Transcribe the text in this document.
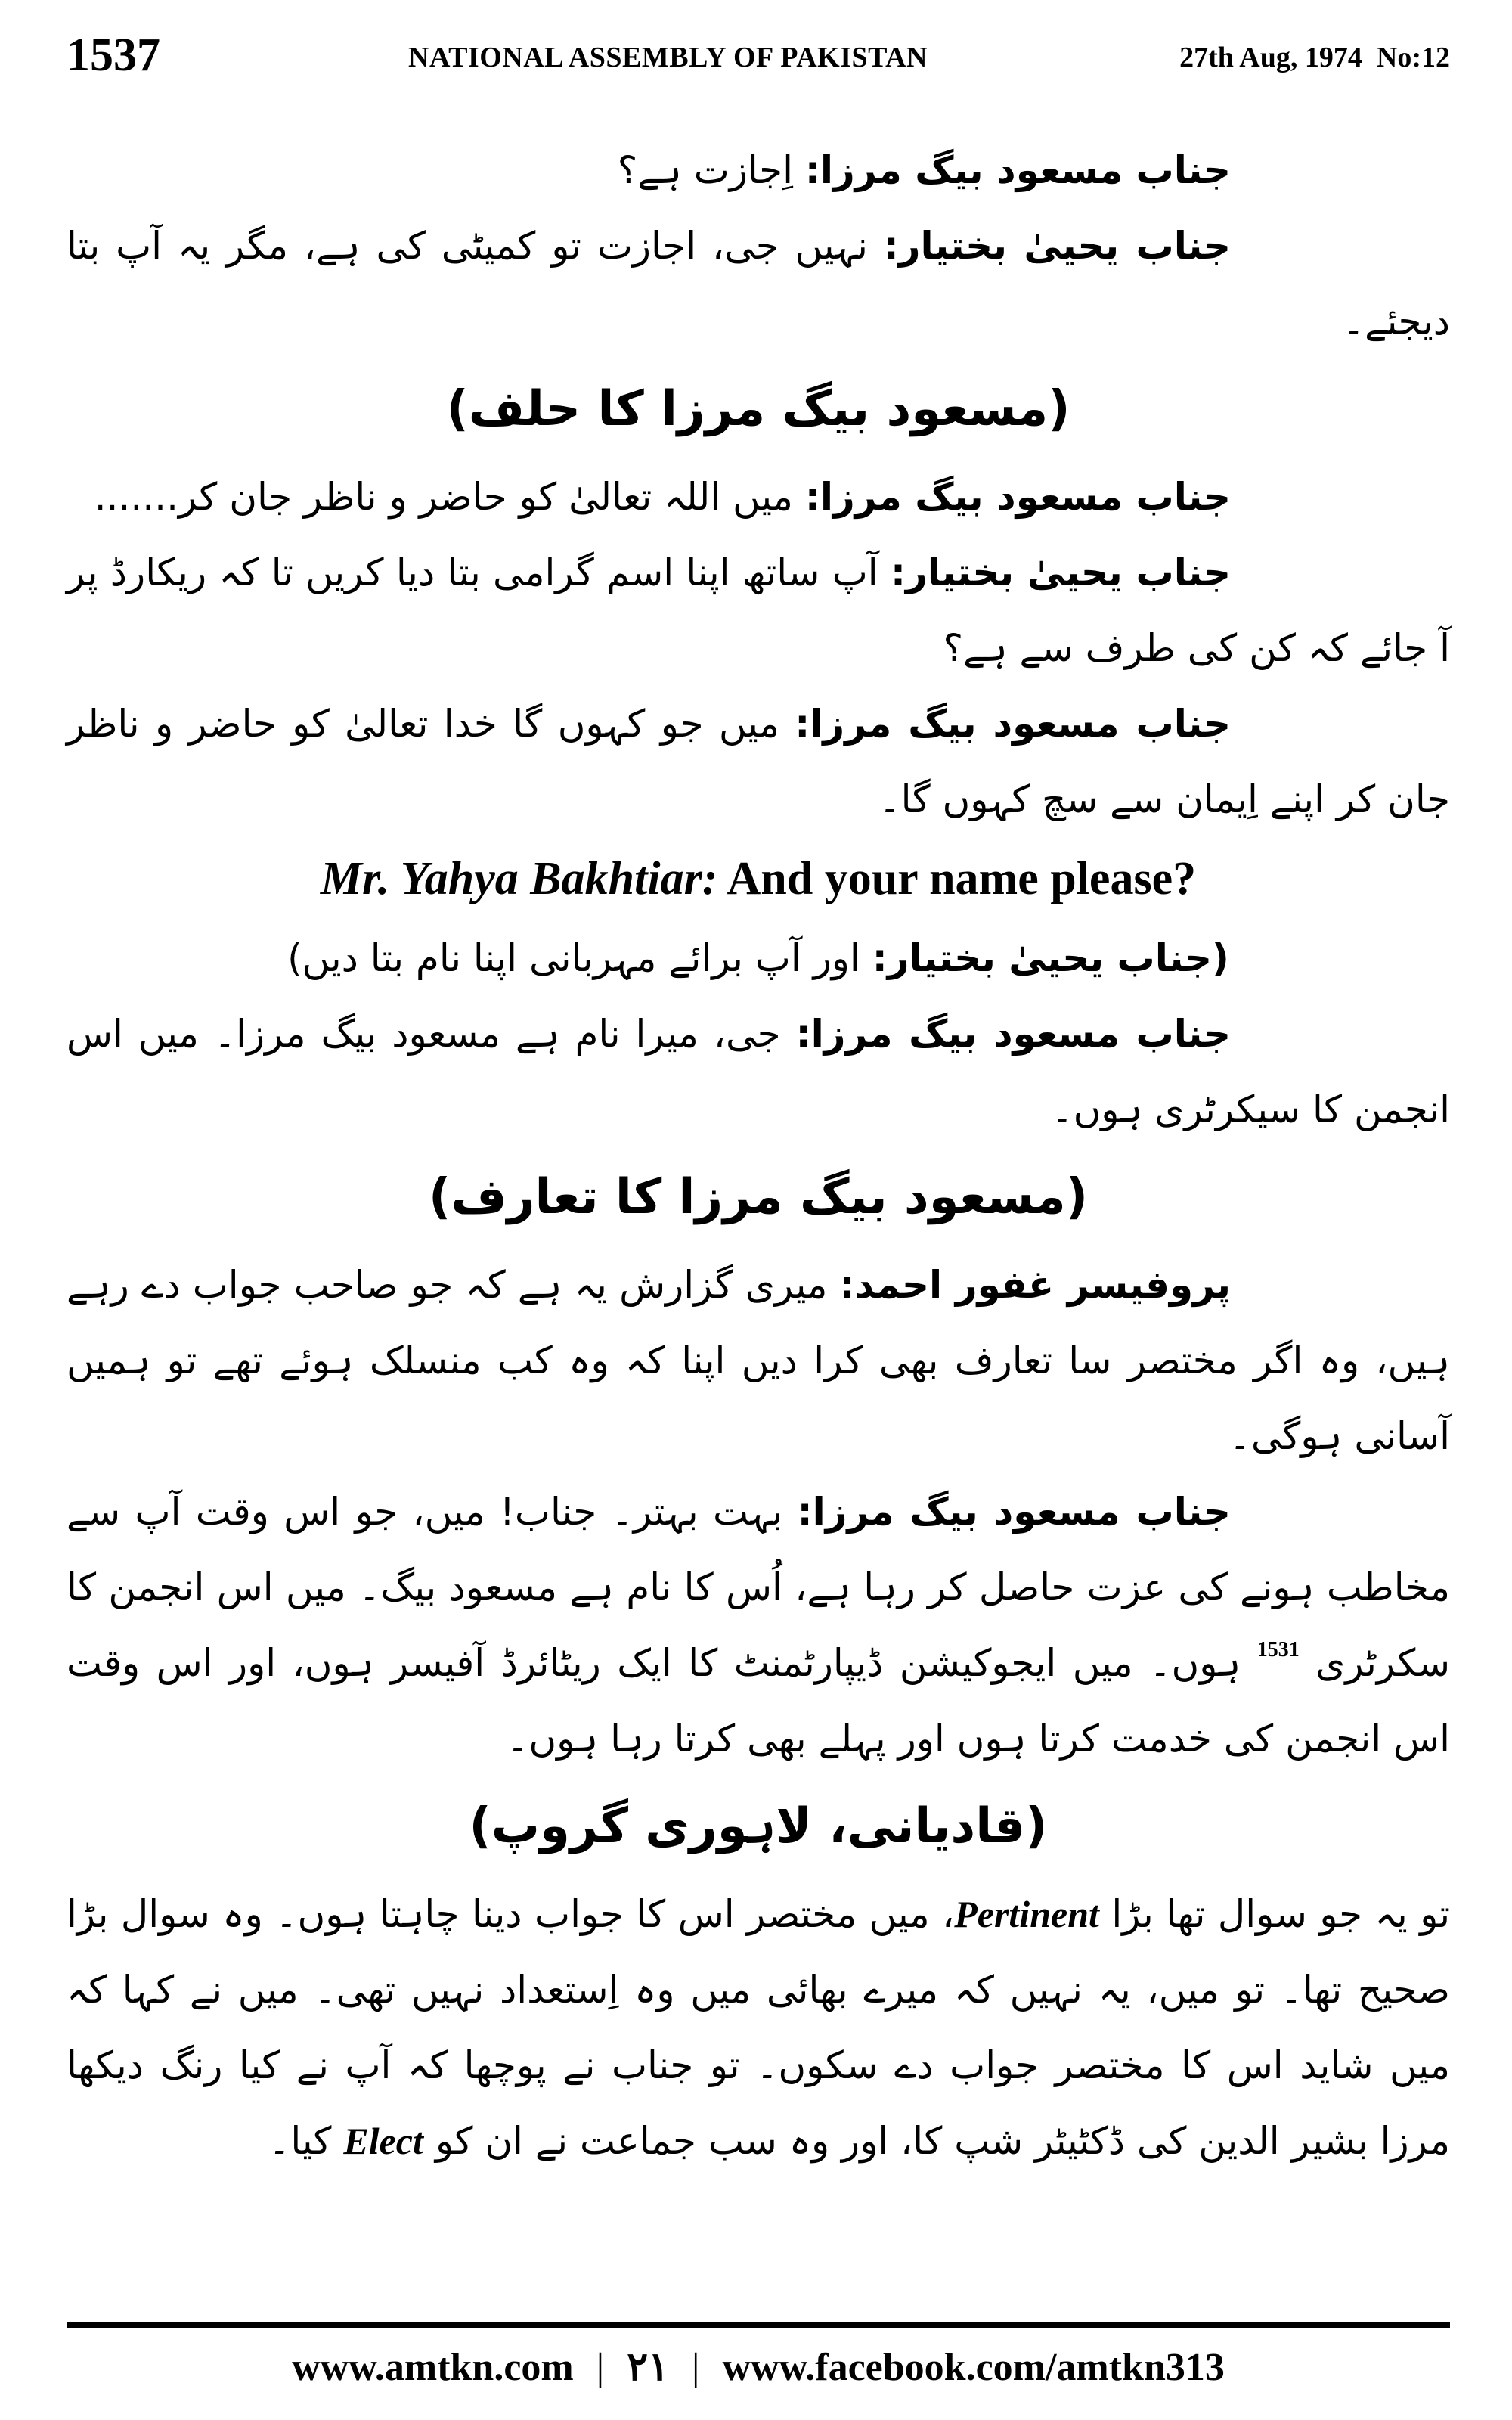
1537	NATIONAL ASSEMBLY OF PAKISTAN	27th Aug, 1974 No:12

جناب مسعود بیگ مرزا: اِجازت ہے؟

جناب یحییٰ بختیار: نہیں جی، اجازت تو کمیٹی کی ہے، مگر یہ آپ بتا دیجئے۔

(مسعود بیگ مرزا کا حلف)

جناب مسعود بیگ مرزا: میں اللہ تعالیٰ کو حاضر و ناظر جان کر.......

جناب یحییٰ بختیار: آپ ساتھ اپنا اسم گرامی بتا دیا کریں تا کہ ریکارڈ پر آ جائے کہ کن کی طرف سے ہے؟

جناب مسعود بیگ مرزا: میں جو کہوں گا خدا تعالیٰ کو حاضر و ناظر جان کر اپنے اِیمان سے سچ کہوں گا۔

Mr. Yahya Bakhtiar: And your name please?

(جناب یحییٰ بختیار: اور آپ برائے مہربانی اپنا نام بتا دیں)

جناب مسعود بیگ مرزا: جی، میرا نام ہے مسعود بیگ مرزا۔ میں اس انجمن کا سیکرٹری ہوں۔

(مسعود بیگ مرزا کا تعارف)

پروفیسر غفور احمد: میری گزارش یہ ہے کہ جو صاحب جواب دے رہے ہیں، وہ اگر مختصر سا تعارف بھی کرا دیں اپنا کہ وہ کب منسلک ہوئے تھے تو ہمیں آسانی ہوگی۔

جناب مسعود بیگ مرزا: بہت بہتر۔ جناب! میں، جو اس وقت آپ سے مخاطب ہونے کی عزت حاصل کر رہا ہے، اُس کا نام ہے مسعود بیگ۔ میں اس انجمن کا سکرٹری $^{1531}$ ہوں۔ میں ایجوکیشن ڈیپارٹمنٹ کا ایک ریٹائرڈ آفیسر ہوں، اور اس وقت اس انجمن کی خدمت کرتا ہوں اور پہلے بھی کرتا رہا ہوں۔

(قادیانی، لاہوری گروپ)

تو یہ جو سوال تھا بڑا Pertinent، میں مختصر اس کا جواب دینا چاہتا ہوں۔ وہ سوال بڑا صحیح تھا۔ تو میں، یہ نہیں کہ میرے بھائی میں وہ اِستعداد نہیں تھی۔ میں نے کہا کہ میں شاید اس کا مختصر جواب دے سکوں۔ تو جناب نے پوچھا کہ آپ نے کیا رنگ دیکھا مرزا بشیر الدین کی ڈکٹیٹر شپ کا، اور وہ سب جماعت نے ان کو Elect کیا۔

www.amtkn.com | ۲۱ | www.facebook.com/amtkn313
